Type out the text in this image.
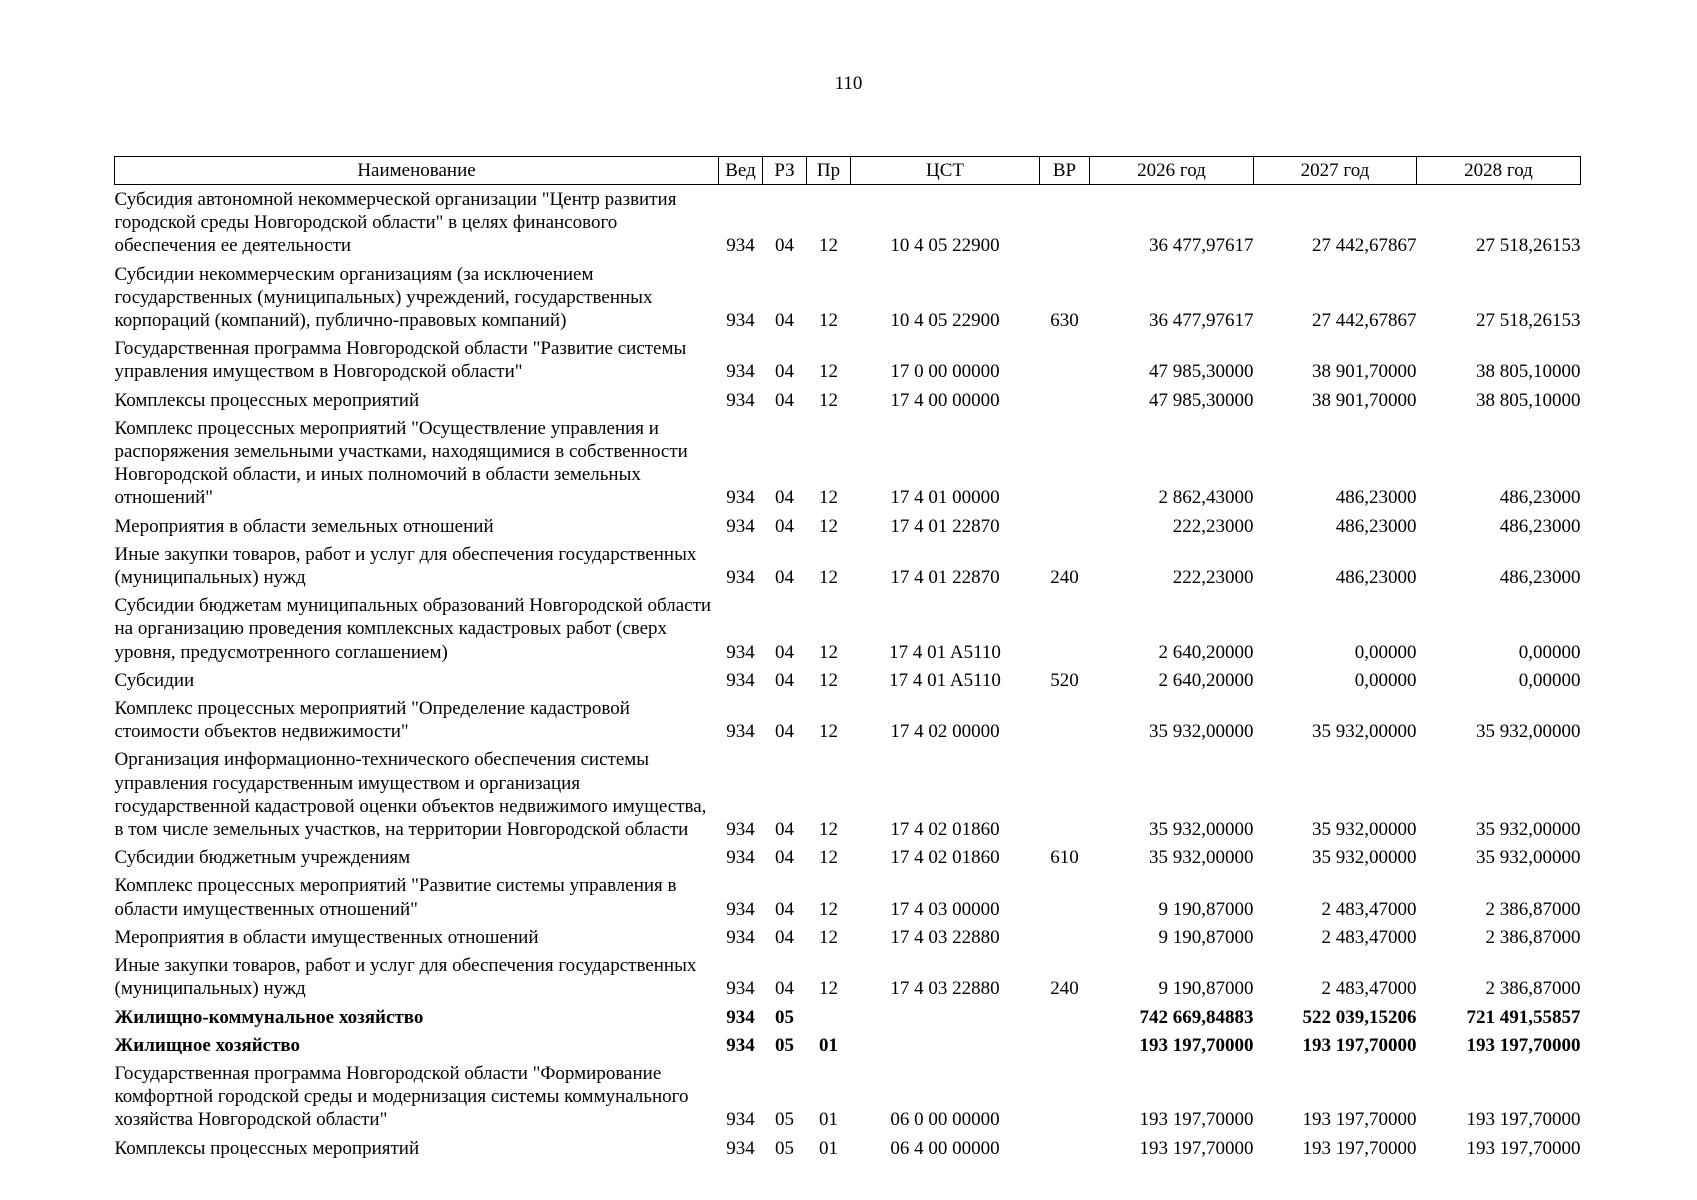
110
Наименование	Вед	РЗ	Пр	ЦСТ	ВР	2026 год	2027 год	2028 год
Субсидия автономной некоммерческой организации "Центр развития городской среды Новгородской области" в целях финансового обеспечения ее деятельности	934	04	12	10 4 05 22900		36 477,97617	27 442,67867	27 518,26153
Субсидии некоммерческим организациям (за исключением государственных (муниципальных) учреждений, государственных корпораций (компаний), публично-правовых компаний)	934	04	12	10 4 05 22900	630	36 477,97617	27 442,67867	27 518,26153
Государственная программа Новгородской области "Развитие системы управления имуществом в Новгородской области"	934	04	12	17 0 00 00000		47 985,30000	38 901,70000	38 805,10000
Комплексы процессных мероприятий	934	04	12	17 4 00 00000		47 985,30000	38 901,70000	38 805,10000
Комплекс процессных мероприятий "Осуществление управления и распоряжения земельными участками, находящимися в собственности Новгородской области, и иных полномочий в области земельных отношений"	934	04	12	17 4 01 00000		2 862,43000	486,23000	486,23000
Мероприятия в области земельных отношений	934	04	12	17 4 01 22870		222,23000	486,23000	486,23000
Иные закупки товаров, работ и услуг для обеспечения государственных (муниципальных) нужд	934	04	12	17 4 01 22870	240	222,23000	486,23000	486,23000
Субсидии бюджетам муниципальных образований Новгородской области на организацию проведения комплексных кадастровых работ (сверх уровня, предусмотренного соглашением)	934	04	12	17 4 01 A5110		2 640,20000	0,00000	0,00000
Субсидии	934	04	12	17 4 01 A5110	520	2 640,20000	0,00000	0,00000
Комплекс процессных мероприятий "Определение кадастровой стоимости объектов недвижимости"	934	04	12	17 4 02 00000		35 932,00000	35 932,00000	35 932,00000
Организация информационно-технического обеспечения системы управления государственным имуществом и организация государственной кадастровой оценки объектов недвижимого имущества, в том числе земельных участков, на территории Новгородской области	934	04	12	17 4 02 01860		35 932,00000	35 932,00000	35 932,00000
Субсидии бюджетным учреждениям	934	04	12	17 4 02 01860	610	35 932,00000	35 932,00000	35 932,00000
Комплекс процессных мероприятий "Развитие системы управления в области имущественных отношений"	934	04	12	17 4 03 00000		9 190,87000	2 483,47000	2 386,87000
Мероприятия в области имущественных отношений	934	04	12	17 4 03 22880		9 190,87000	2 483,47000	2 386,87000
Иные закупки товаров, работ и услуг для обеспечения государственных (муниципальных) нужд	934	04	12	17 4 03 22880	240	9 190,87000	2 483,47000	2 386,87000
Жилищно-коммунальное хозяйство	934	05				742 669,84883	522 039,15206	721 491,55857
Жилищное хозяйство	934	05	01			193 197,70000	193 197,70000	193 197,70000
Государственная программа Новгородской области "Формирование комфортной городской среды и модернизация системы коммунального хозяйства Новгородской области"	934	05	01	06 0 00 00000		193 197,70000	193 197,70000	193 197,70000
Комплексы процессных мероприятий	934	05	01	06 4 00 00000		193 197,70000	193 197,70000	193 197,70000
